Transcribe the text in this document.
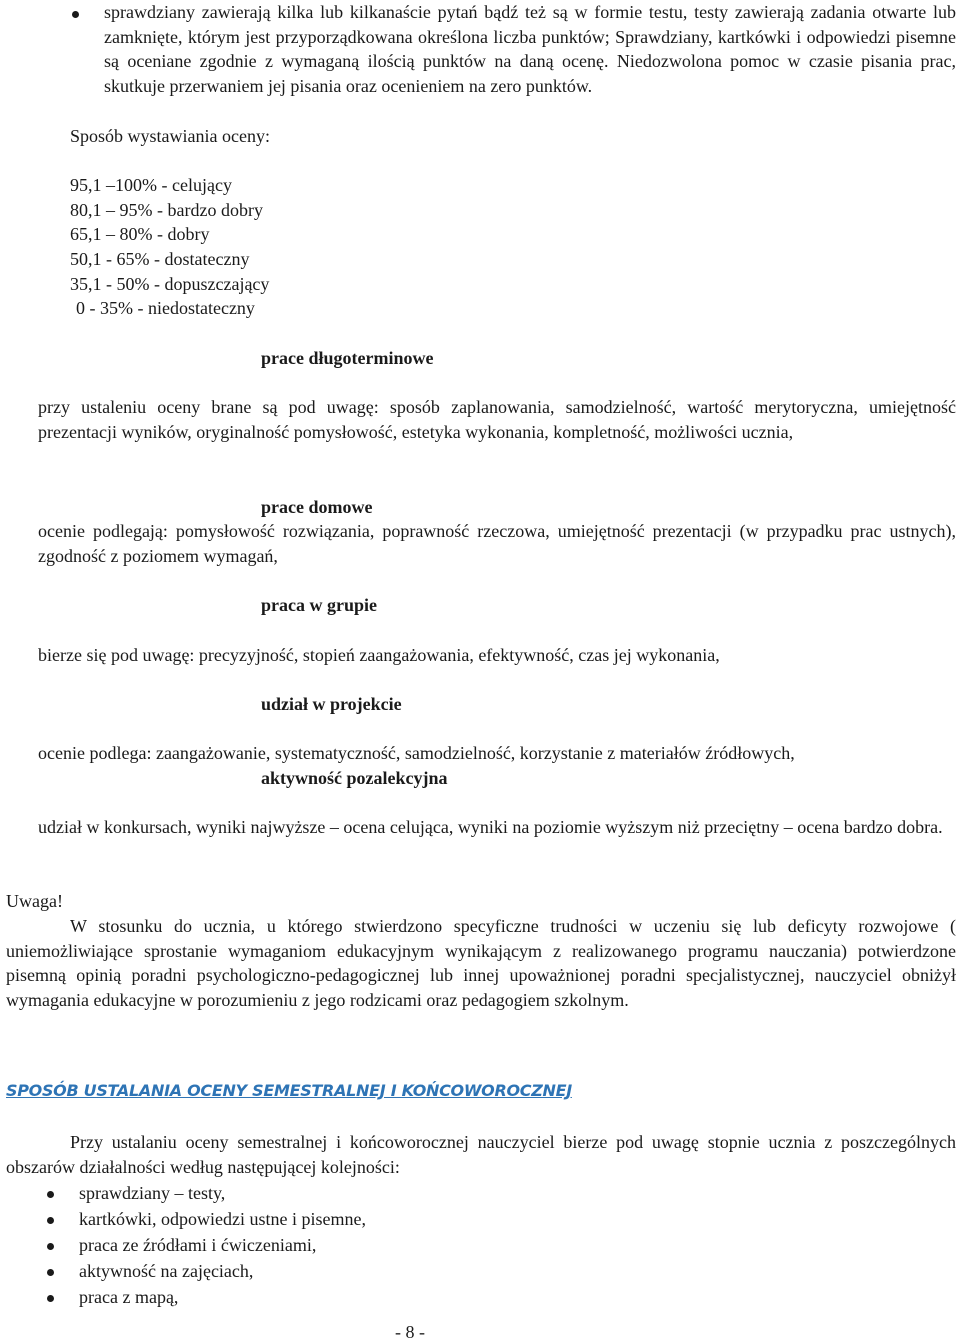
sprawdziany zawierają kilka lub kilkanaście pytań bądź też są w formie testu, testy zawierają zadania otwarte lub zamknięte, którym jest przyporządkowana określona liczba punktów; Sprawdziany, kartkówki i odpowiedzi pisemne są oceniane zgodnie z wymaganą ilością punktów na daną ocenę. Niedozwolona pomoc w czasie pisania prac, skutkuje przerwaniem jej pisania oraz ocenieniem na zero punktów.
Sposób wystawiania oceny:
95,1 –100% - celujący
80,1 – 95% - bardzo dobry
65,1 – 80% - dobry
50,1 - 65% - dostateczny
35,1 - 50% - dopuszczający
0 - 35% - niedostateczny
prace długoterminowe
przy ustaleniu oceny brane są pod uwagę: sposób zaplanowania, samodzielność, wartość merytoryczna, umiejętność prezentacji wyników, oryginalność pomysłowość, estetyka wykonania, kompletność, możliwości ucznia,
prace domowe
ocenie podlegają: pomysłowość rozwiązania, poprawność rzeczowa, umiejętność prezentacji (w przypadku prac ustnych), zgodność z poziomem wymagań,
praca w grupie
bierze się pod uwagę: precyzyjność, stopień zaangażowania, efektywność, czas jej wykonania,
udział w projekcie
ocenie podlega: zaangażowanie, systematyczność, samodzielność, korzystanie z materiałów źródłowych,
aktywność pozalekcyjna
udział w konkursach, wyniki najwyższe – ocena celująca, wyniki na poziomie wyższym niż przeciętny – ocena bardzo dobra.
Uwaga!
W stosunku do ucznia, u którego stwierdzono specyficzne trudności w uczeniu się lub deficyty rozwojowe ( uniemożliwiające sprostanie wymaganiom edukacyjnym wynikającym z realizowanego programu nauczania) potwierdzone pisemną opinią poradni psychologiczno-pedagogicznej lub innej upoważnionej poradni specjalistycznej, nauczyciel obniżył wymagania edukacyjne w porozumieniu z jego rodzicami oraz pedagogiem szkolnym.
SPOSÓB USTALANIA OCENY SEMESTRALNEJ I KOŃCOWOROCZNEJ
Przy ustalaniu oceny semestralnej i końcoworocznej nauczyciel bierze pod uwagę stopnie ucznia z poszczególnych obszarów działalności według następującej kolejności:
sprawdziany – testy,
kartkówki, odpowiedzi ustne i pisemne,
praca ze źródłami i ćwiczeniami,
aktywność na zajęciach,
praca z mapą,
- 8 -
